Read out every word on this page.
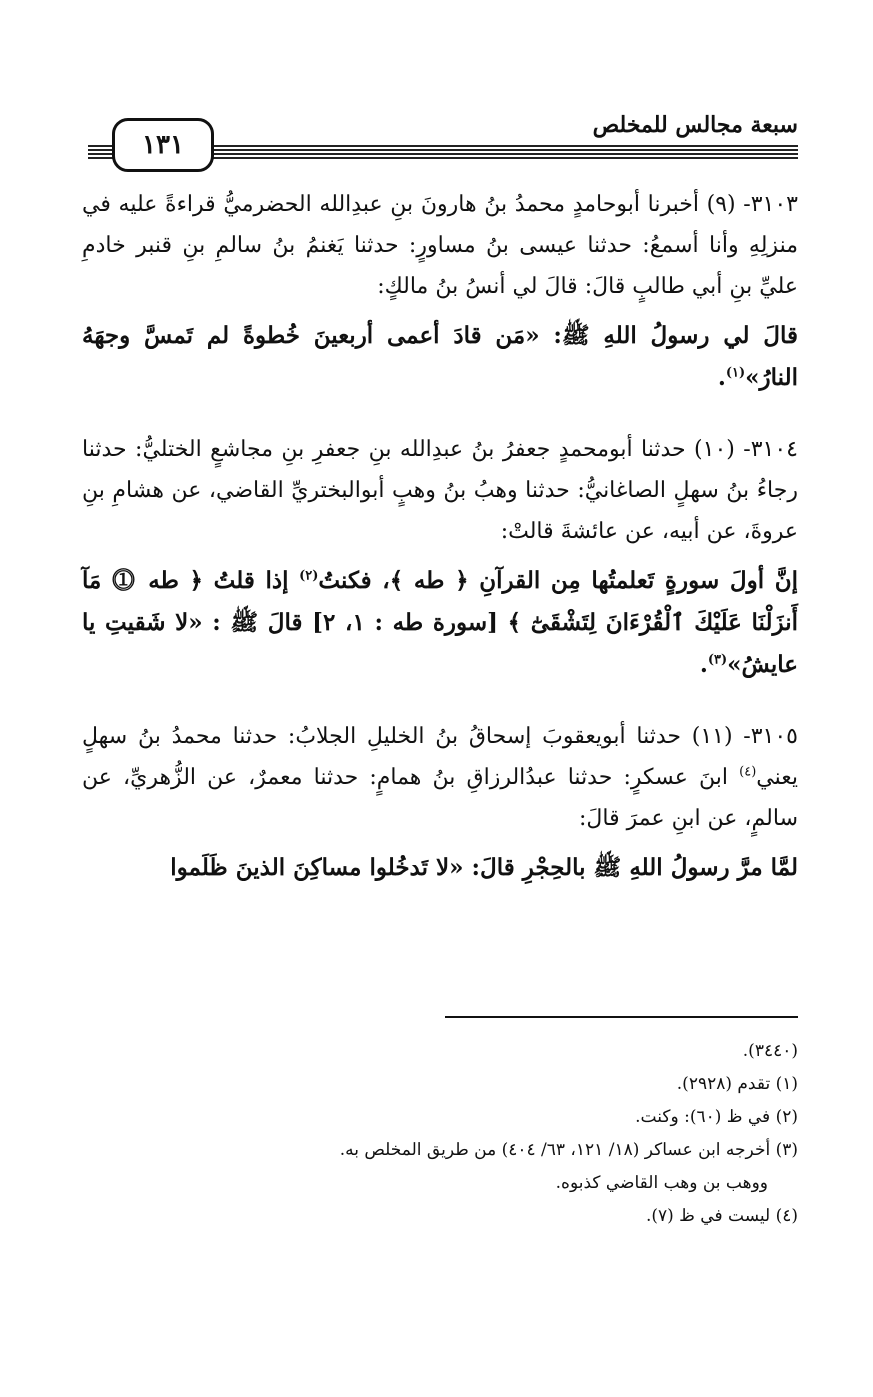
١٣١
سبعة مجالس للمخلص

٣١٠٣- (٩) أخبرنا أبوحامدٍ محمدُ بنُ هارونَ بنِ عبدِالله الحضرميُّ قراءةً عليه في منزلِهِ وأنا أسمعُ: حدثنا عيسى بنُ مساورٍ: حدثنا يَغنمُ بنُ سالمِ بنِ قنبر خادمِ عليِّ بنِ أبي طالبٍ قالَ: قالَ لي أنسُ بنُ مالكٍ:

قالَ لي رسولُ اللهِ ﷺ: «مَن قادَ أعمى أربعينَ خُطوةً لم تَمسَّ وجهَهُ النارُ»$^{(١)}$.

٣١٠٤- (١٠) حدثنا أبومحمدٍ جعفرُ بنُ عبدِالله بنِ جعفرِ بنِ مجاشعٍ الختليُّ: حدثنا رجاءُ بنُ سهلٍ الصاغانيُّ: حدثنا وهبُ بنُ وهبٍ أبوالبختريِّ القاضي، عن هشامِ بنِ عروةَ، عن أبيه، عن عائشةَ قالتْ:

إنَّ أولَ سورةٍ تَعلمتُها مِن القرآنِ ﴿ طه ﴾، فكنتُ$^{(٢)}$ إذا قلتُ ﴿ طه ⓵ مَآ أَنزَلْنَا عَلَيْكَ ٱلْقُرْءَانَ لِتَشْقَىٰٓ ﴾ [سورة طه : ١، ٢] قالَ ﷺ : «لا شَقيتِ يا عايشُ»$^{(٣)}$.

٣١٠٥- (١١) حدثنا أبويعقوبَ إسحاقُ بنُ الخليلِ الجلابُ: حدثنا محمدُ بنُ سهلٍ يعني$^{(٤)}$ ابنَ عسكرٍ: حدثنا عبدُالرزاقِ بنُ همامٍ: حدثنا معمرٌ، عن الزُّهريِّ، عن سالمٍ، عن ابنِ عمرَ قالَ:

لمَّا مرَّ رسولُ اللهِ ﷺ بالحِجْرِ قالَ: «لا تَدخُلوا مساكِنَ الذينَ ظَلَموا

(٣٤٤٠).

(١) تقدم (٢٩٢٨).

(٢) في ظ (٦٠): وكنت.

(٣) أخرجه ابن عساكر (١٨/ ١٢١، ٦٣/ ٤٠٤) من طريق المخلص به.

ووهب بن وهب القاضي كذبوه.

(٤) ليست في ظ (٧).
